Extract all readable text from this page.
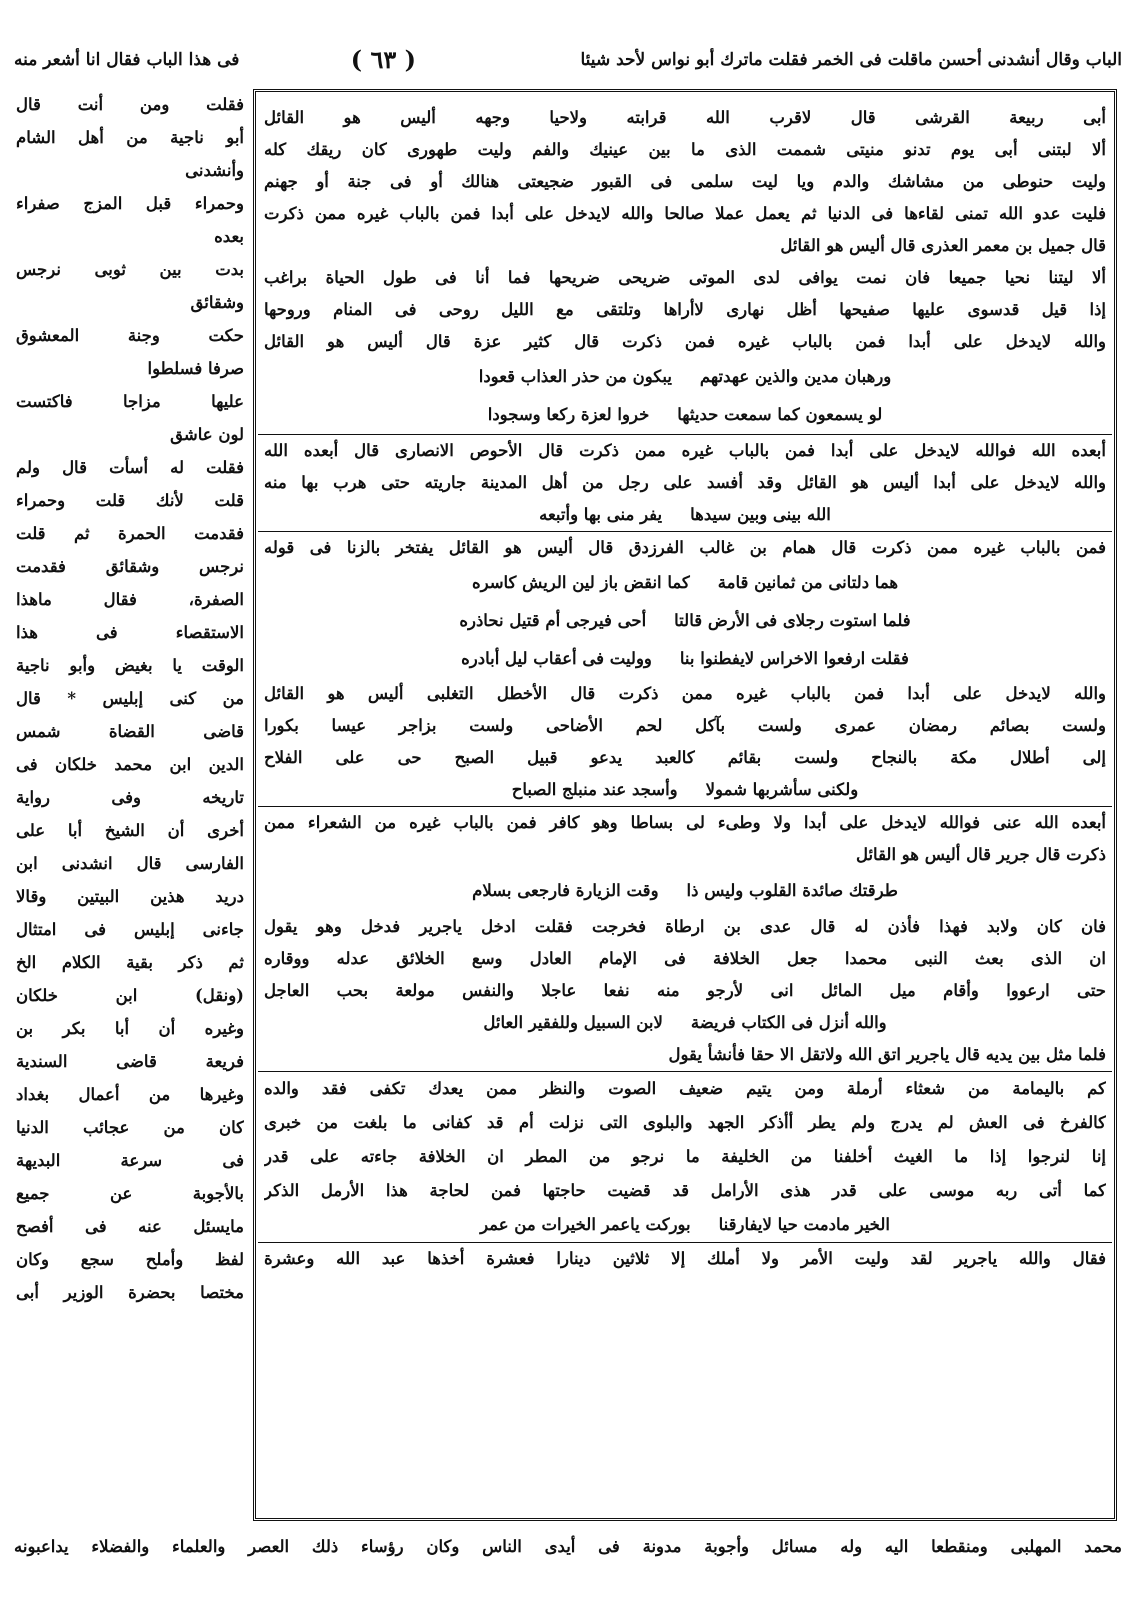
الباب وقال أنشدنى أحسن ماقلت فى الخمر فقلت ماترك أبو نواس لأحد شيئا
( ٦٣ )
فى هذا الباب فقال انا أشعر منه
أبى ربيعة القرشى قال لاقرب الله قرابته ولاحيا وجهه أليس هو القائل
ألا لبتنى أبى يوم تدنو منيتى شممت الذى ما بين عينيك والفم وليت طهورى كان ريقك كله
وليت حنوطى من مشاشك والدم ويا ليت سلمى فى القبور ضجيعتى هنالك أو فى جنة أو جهنم
فليت عدو الله تمنى لقاءها فى الدنيا ثم يعمل عملا صالحا والله لايدخل على أبدا فمن بالباب غيره ممن ذكرت
قال جميل بن معمر العذرى قال أليس هو القائل
ألا ليتنا نحيا جميعا فان نمت يوافى لدى الموتى ضريحى ضريحها فما أنا فى طول الحياة براغب
إذا قيل قدسوى عليها صفيحها أظل نهارى لاأراها وتلتقى مع الليل روحى فى المنام وروحها
والله لايدخل على أبدا فمن بالباب غيره فمن ذكرت قال كثير عزة قال أليس هو القائل
ورهبان مدين والذين عهدتهم
يبكون من حذر العذاب قعودا
لو يسمعون كما سمعت حديثها
خروا لعزة ركعا وسجودا
أبعده الله فوالله لايدخل على أبدا فمن بالباب غيره ممن ذكرت قال الأحوص الانصارى قال أبعده الله
والله لايدخل على أبدا أليس هو القائل وقد أفسد على رجل من أهل المدينة جاريته حتى هرب بها منه
الله بينى وبين سيدها
يفر منى بها وأتبعه
فمن بالباب غيره ممن ذكرت قال همام بن غالب الفرزدق قال أليس هو القائل يفتخر بالزنا فى قوله
هما دلتانى من ثمانين قامة
كما انقض باز لين الريش كاسره
فلما استوت رجلاى فى الأرض قالتا
أحى فيرجى أم قتيل نحاذره
فقلت ارفعوا الاخراس لايفطنوا بنا
ووليت فى أعقاب ليل أبادره
والله لايدخل على أبدا فمن بالباب غيره ممن ذكرت قال الأخطل التغلبى أليس هو القائل
ولست بصائم رمضان عمرى ولست بآكل لحم الأضاحى ولست بزاجر عيسا بكورا
إلى أطلال مكة بالنجاح ولست بقائم كالعبد يدعو قبيل الصبح حى على الفلاح
ولكنى سأشربها شمولا
وأسجد عند منبلج الصباح
أبعده الله عنى فوالله لايدخل على أبدا ولا وطىء لى بساطا وهو كافر فمن بالباب غيره من الشعراء ممن
ذكرت قال جرير قال أليس هو القائل
طرقتك صائدة القلوب وليس ذا
وقت الزيارة فارجعى بسلام
فان كان ولابد فهذا فأذن له قال عدى بن ارطاة فخرجت فقلت ادخل ياجرير فدخل وهو يقول
ان الذى بعث النبى محمدا جعل الخلافة فى الإمام العادل وسع الخلائق عدله ووقاره
حتى ارعووا وأقام ميل المائل انى لأرجو منه نفعا عاجلا والنفس مولعة بحب العاجل
والله أنزل فى الكتاب فريضة
لابن السبيل وللفقير العائل
فلما مثل بين يديه قال ياجرير اتق الله ولاتقل الا حقا فأنشأ يقول
كم باليمامة من شعثاء أرملة ومن يتيم ضعيف الصوت والنظر ممن يعدك تكفى فقد والده
كالفرخ فى العش لم يدرج ولم يطر أأذكر الجهد والبلوى التى نزلت أم قد كفانى ما بلغت من خبرى
إنا لنرجوا إذا ما الغيث أخلفنا من الخليفة ما نرجو من المطر ان الخلافة جاءته على قدر
كما أتى ربه موسى على قدر هذى الأرامل قد قضيت حاجتها فمن لحاجة هذا الأرمل الذكر
الخير مادمت حيا لايفارقنا
بوركت ياعمر الخيرات من عمر
فقال والله ياجرير لقد وليت الأمر ولا أملك إلا ثلاثين دينارا فعشرة أخذها عبد الله وعشرة
فقلت ومن أنت قال
أبو ناجية من أهل الشام
وأنشدنى
وحمراء قبل المزج صفراء
بعده
بدت بين ثوبى نرجس
وشقائق
حكت وجنة المعشوق
صرفا فسلطوا
عليها مزاجا فاكتست
لون عاشق
فقلت له أسأت قال ولم
قلت لأنك قلت وحمراء
فقدمت الحمرة ثم قلت
نرجس وشقائق فقدمت
الصفرة، فقال ماهذا
الاستقصاء فى هذا
الوقت يا بغيض وأبو ناجية
من كنى إبليس * قال
قاضى القضاة شمس
الدين ابن محمد خلكان فى
تاريخه وفى رواية
أخرى أن الشيخ أبا على
الفارسى قال انشدنى ابن
دريد هذين البيتين وقالا
جاءنى إبليس فى امتثال
ثم ذكر بقية الكلام الخ
(ونقل) ابن خلكان
وغيره أن أبا بكر بن
فريعة قاضى السندية
وغيرها من أعمال بغداد
كان من عجائب الدنيا
فى سرعة البديهة
بالأجوبة عن جميع
مايسئل عنه فى أفصح
لفظ وأملح سجع وكان
مختصا بحضرة الوزير أبى
محمد المهلبى ومنقطعا اليه وله مسائل وأجوبة مدونة فى أيدى الناس وكان رؤساء ذلك العصر والعلماء والفضلاء يداعبونه
